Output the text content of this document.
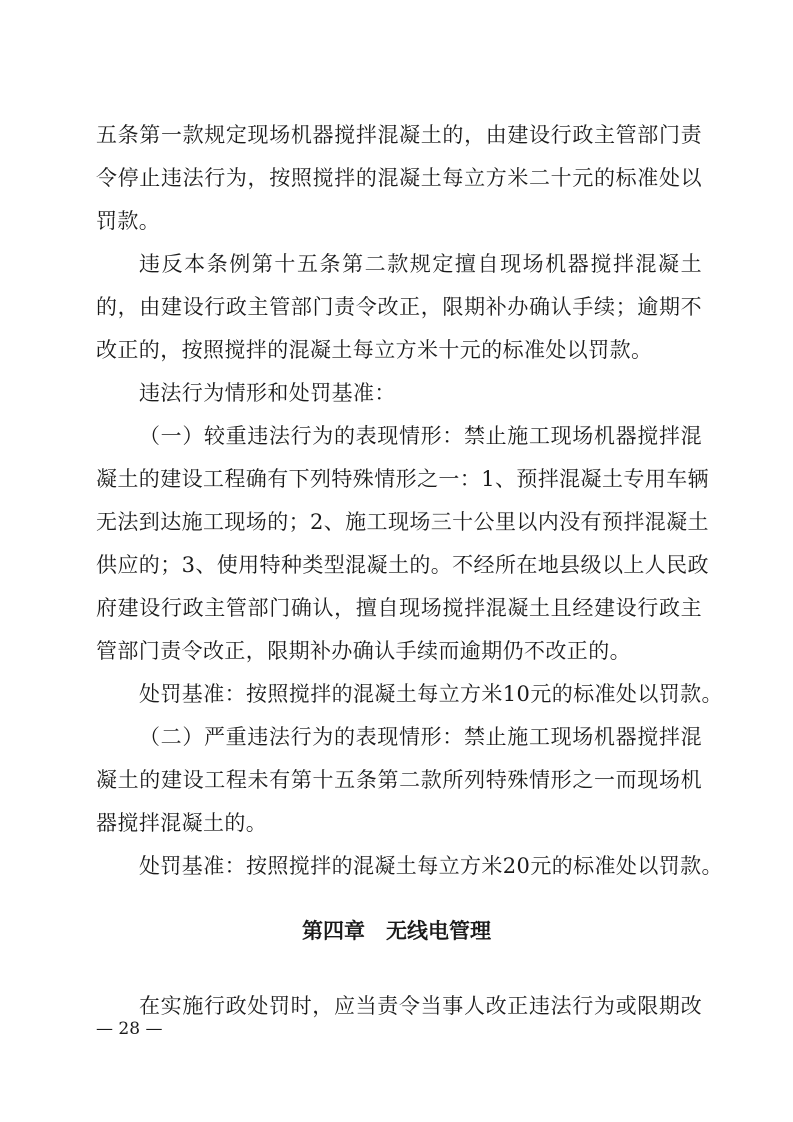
五条第一款规定现场机器搅拌混凝土的，由建设行政主管部门责
令停止违法行为，按照搅拌的混凝土每立方米二十元的标准处以
罚款。
违反本条例第十五条第二款规定擅自现场机器搅拌混凝土
的，由建设行政主管部门责令改正，限期补办确认手续；逾期不
改正的，按照搅拌的混凝土每立方米十元的标准处以罚款。
违法行为情形和处罚基准：
（一）较重违法行为的表现情形：禁止施工现场机器搅拌混
凝土的建设工程确有下列特殊情形之一：1、预拌混凝土专用车辆
无法到达施工现场的；2、施工现场三十公里以内没有预拌混凝土
供应的；3、使用特种类型混凝土的。不经所在地县级以上人民政
府建设行政主管部门确认，擅自现场搅拌混凝土且经建设行政主
管部门责令改正，限期补办确认手续而逾期仍不改正的。
处罚基准：按照搅拌的混凝土每立方米10元的标准处以罚款。
（二）严重违法行为的表现情形：禁止施工现场机器搅拌混
凝土的建设工程未有第十五条第二款所列特殊情形之一而现场机
器搅拌混凝土的。
处罚基准：按照搅拌的混凝土每立方米20元的标准处以罚款。
第四章　无线电管理
在实施行政处罚时，应当责令当事人改正违法行为或限期改
— 28 —
